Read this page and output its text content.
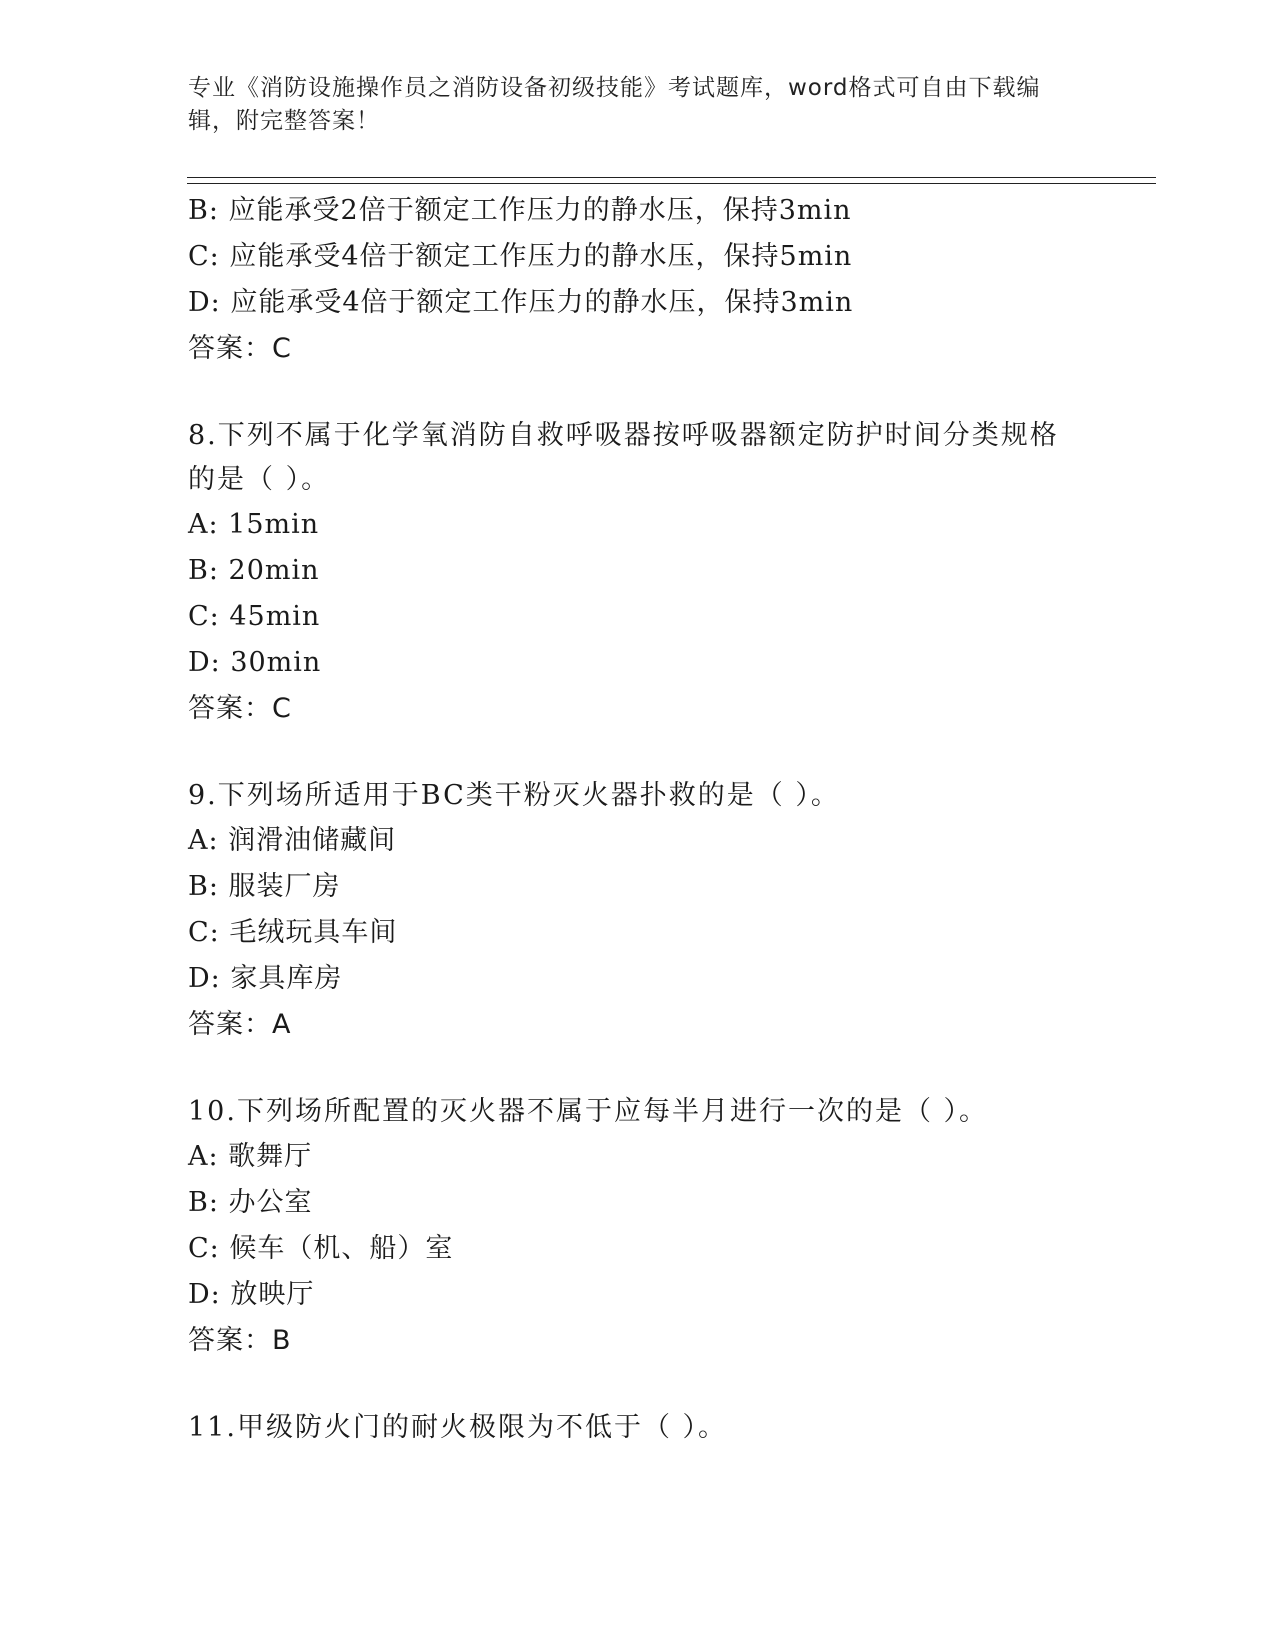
专业《消防设施操作员之消防设备初级技能》考试题库，word格式可自由下载编
辑，附完整答案！
B: 应能承受2倍于额定工作压力的静水压，保持3min
C: 应能承受4倍于额定工作压力的静水压，保持5min
D: 应能承受4倍于额定工作压力的静水压，保持3min
答案：C
8.下列不属于化学氧消防自救呼吸器按呼吸器额定防护时间分类规格
的是（ ）。
A: 15min
B: 20min
C: 45min
D: 30min
答案：C
9.下列场所适用于BC类干粉灭火器扑救的是（ ）。
A: 润滑油储藏间
B: 服装厂房
C: 毛绒玩具车间
D: 家具库房
答案：A
10.下列场所配置的灭火器不属于应每半月进行一次的是（ ）。
A: 歌舞厅
B: 办公室
C: 候车（机、船）室
D: 放映厅
答案：B
11.甲级防火门的耐火极限为不低于（ ）。
